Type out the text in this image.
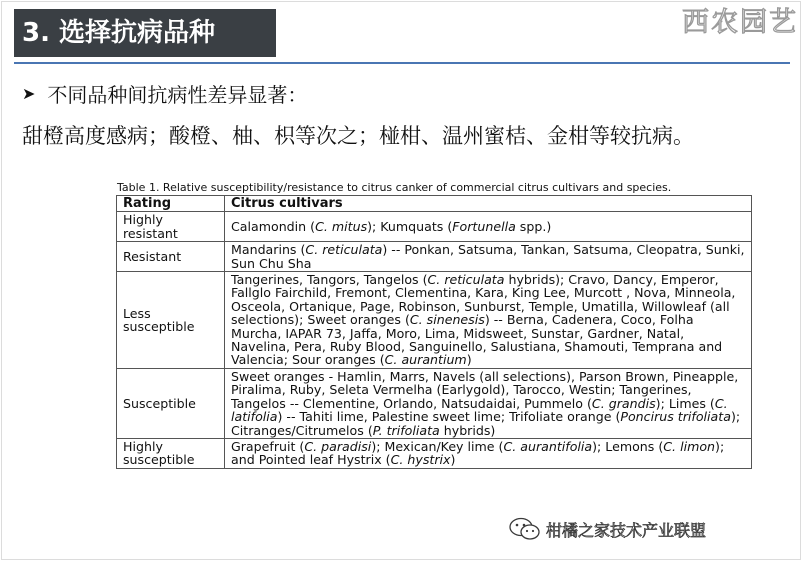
3. 选择抗病品种	西农园艺
➤ 不同品种间抗病性差异显著：
甜橙高度感病；酸橙、柚、枳等次之；椪柑、温州蜜桔、金柑等较抗病。
Table 1. Relative susceptibility/resistance to citrus canker of commercial citrus cultivars and species.
Rating	Citrus cultivars
Highly resistant	Calamondin (C. mitus); Kumquats (Fortunella spp.)
Resistant	Mandarins (C. reticulata) -- Ponkan, Satsuma, Tankan, Satsuma, Cleopatra, Sunki, Sun Chu Sha
Less susceptible	Tangerines, Tangors, Tangelos (C. reticulata hybrids); Cravo, Dancy, Emperor, Fallglo Fairchild, Fremont, Clementina, Kara, King Lee, Murcott , Nova, Minneola, Osceola, Ortanique, Page, Robinson, Sunburst, Temple, Umatilla, Willowleaf (all selections); Sweet oranges (C. sinenesis) -- Berna, Cadenera, Coco, Folha Murcha, IAPAR 73, Jaffa, Moro, Lima, Midsweet, Sunstar, Gardner, Natal, Navelina, Pera, Ruby Blood, Sanguinello, Salustiana, Shamouti, Temprana and Valencia; Sour oranges (C. aurantium)
Susceptible	Sweet oranges - Hamlin, Marrs, Navels (all selections), Parson Brown, Pineapple, Piralima, Ruby, Seleta Vermelha (Earlygold), Tarocco, Westin; Tangerines, Tangelos -- Clementine, Orlando, Natsudaidai, Pummelo (C. grandis); Limes (C. latifolia) -- Tahiti lime, Palestine sweet lime; Trifoliate orange (Poncirus trifoliata); Citranges/Citrumelos (P. trifoliata hybrids)
Highly susceptible	Grapefruit (C. paradisi); Mexican/Key lime (C. aurantifolia); Lemons (C. limon); and Pointed leaf Hystrix (C. hystrix)
柑橘之家技术产业联盟
